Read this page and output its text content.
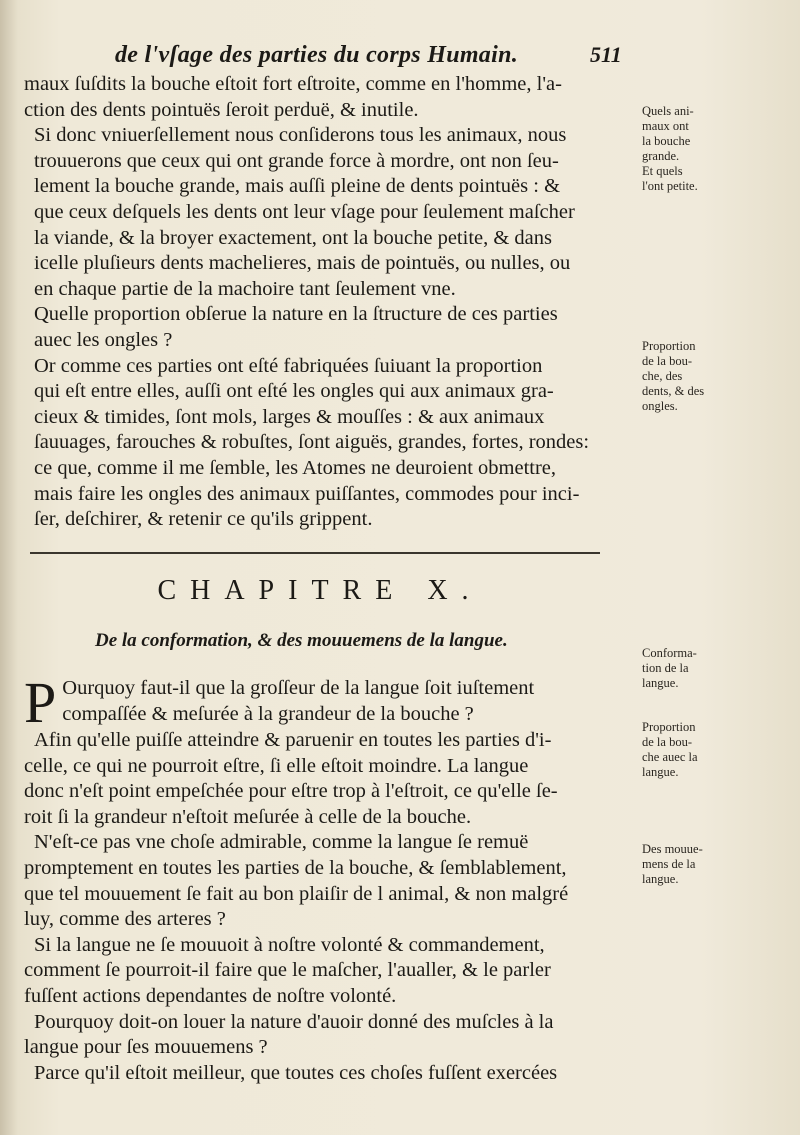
de l'vſage des parties du corps Humain.	511

maux ſuſdits la bouche eſtoit fort eſtroite, comme en l'homme, l'a-
ction des dents pointuës ſeroit perduë, & inutile.

Si donc vniuerſellement nous conſiderons tous les animaux, nous
trouuerons que ceux qui ont grande force à mordre, ont non ſeu-
lement la bouche grande, mais auſſi pleine de dents pointuës : &
que ceux deſquels les dents ont leur vſage pour ſeulement maſcher
la viande, & la broyer exactement, ont la bouche petite, & dans
icelle pluſieurs dents machelieres, mais de pointuës, ou nulles, ou
en chaque partie de la machoire tant ſeulement vne.

Quelle proportion obſerue la nature en la ſtructure de ces parties
auec les ongles ?

Or comme ces parties ont eſté fabriquées ſuiuant la proportion
qui eſt entre elles, auſſi ont eſté les ongles qui aux animaux gra-
cieux & timides, ſont mols, larges & mouſſes : & aux animaux
ſauuages, farouches & robuſtes, ſont aiguës, grandes, fortes, rondes:
ce que, comme il me ſemble, les Atomes ne deuroient obmettre,
mais faire les ongles des animaux puiſſantes, commodes pour inci-
ſer, deſchirer, & retenir ce qu'ils grippent.

CHAPITRE X.
De la conformation, & des mouuemens de la langue.
P Ourquoy faut-il que la groſſeur de la langue ſoit iuſtement
compaſſée & meſurée à la grandeur de la bouche ?
Afin qu'elle puiſſe atteindre & paruenir en toutes les parties d'i-
celle, ce qui ne pourroit eſtre, ſi elle eſtoit moindre. La langue
donc n'eſt point empeſchée pour eſtre trop à l'eſtroit, ce qu'elle ſe-
roit ſi la grandeur n'eſtoit meſurée à celle de la bouche.
N'eſt-ce pas vne choſe admirable, comme la langue ſe remuë
promptement en toutes les parties de la bouche, & ſemblablement,
que tel mouuement ſe fait au bon plaiſir de l animal, & non malgré
luy, comme des arteres ?
Si la langue ne ſe mouuoit à noſtre volonté & commandement,
comment ſe pourroit-il faire que le maſcher, l'aualler, & le parler
fuſſent actions dependantes de noſtre volonté.
Pourquoy doit-on louer la nature d'auoir donné des muſcles à la
langue pour ſes mouuemens ?
Parce qu'il eſtoit meilleur, que toutes ces choſes fuſſent exercées
Quels ani-
maux ont
la bouche
grande.
Et quels
l'ont petite.
Proportion
de la bou-
che, des
dents, & des
ongles.
Conforma-
tion de la
langue.
Proportion
de la bou-
che auec la
langue.
Des mouue-
mens de la
langue.
